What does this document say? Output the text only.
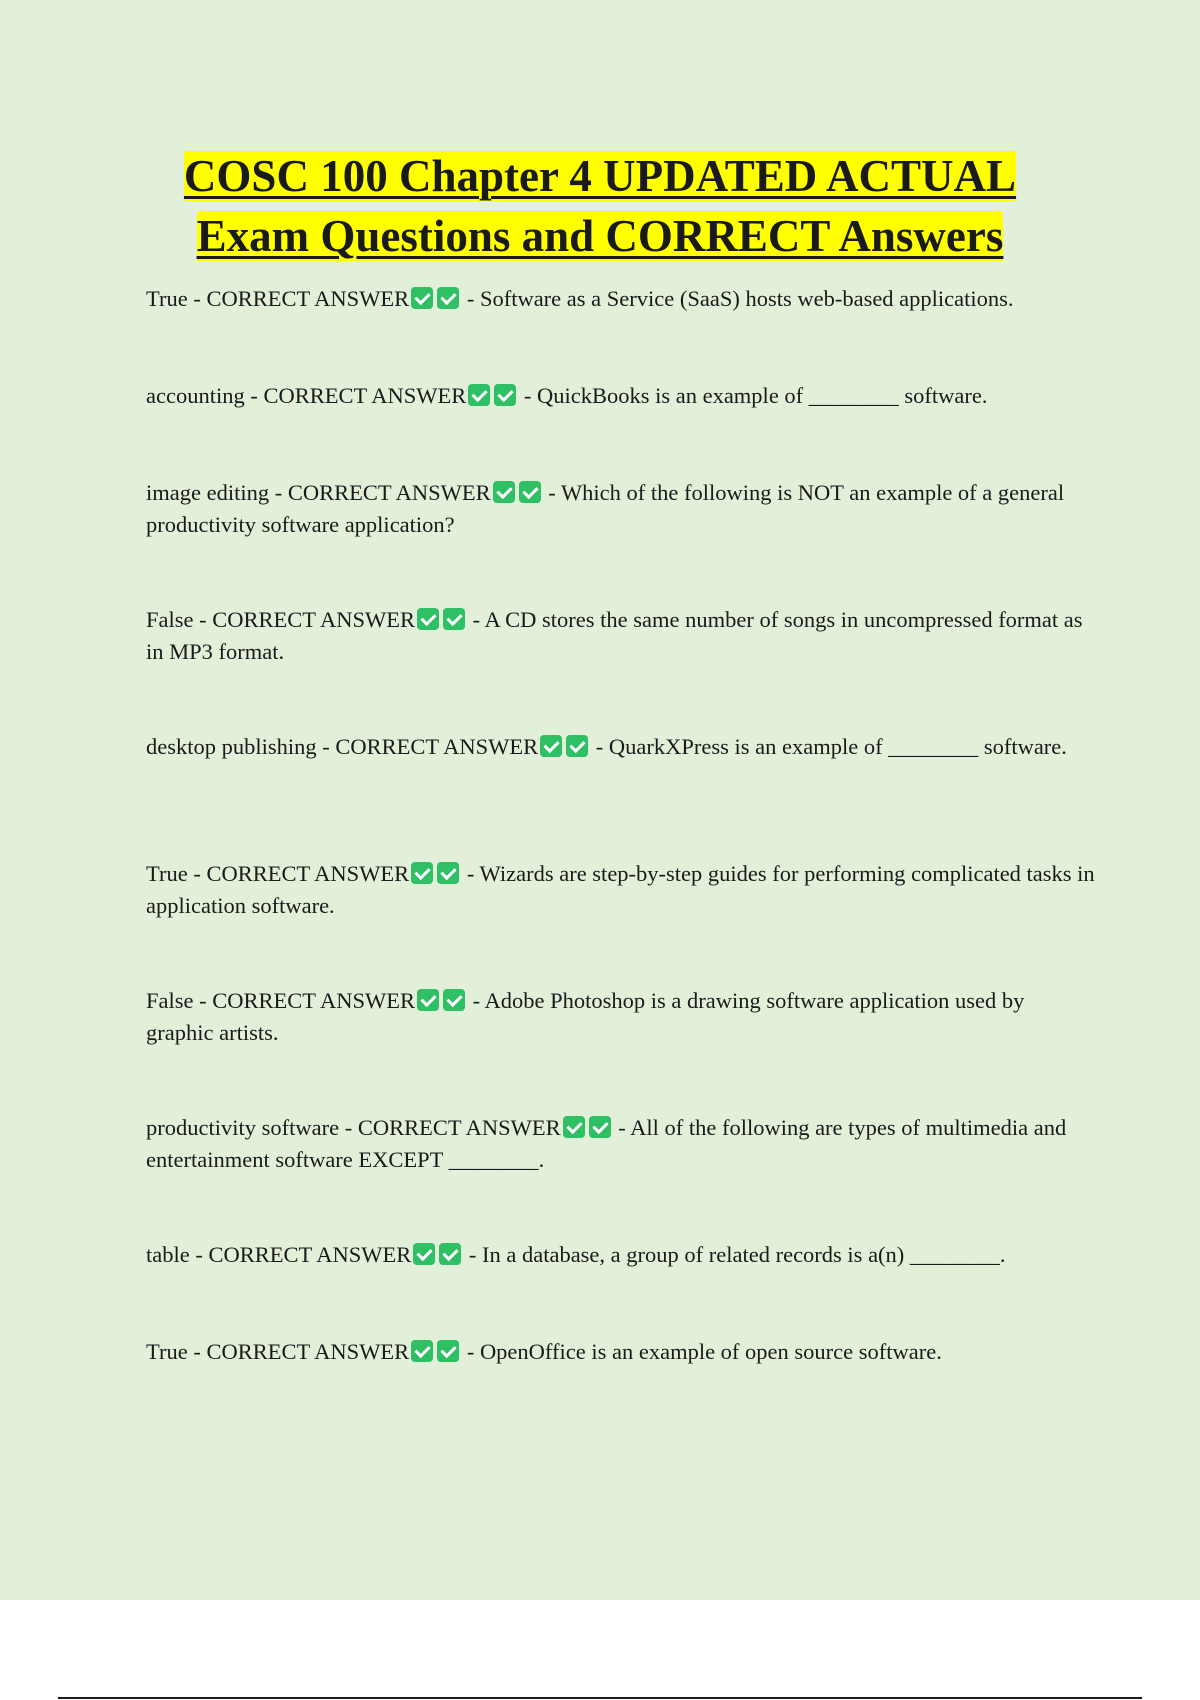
COSC 100 Chapter 4 UPDATED ACTUAL
Exam Questions and CORRECT Answers
True - CORRECT ANSWER - Software as a Service (SaaS) hosts web-based applications.
accounting - CORRECT ANSWER - QuickBooks is an example of ________ software.
image editing - CORRECT ANSWER - Which of the following is NOT an example of a general productivity software application?
False - CORRECT ANSWER - A CD stores the same number of songs in uncompressed format as in MP3 format.
desktop publishing - CORRECT ANSWER - QuarkXPress is an example of ________ software.
True - CORRECT ANSWER - Wizards are step-by-step guides for performing complicated tasks in application software.
False - CORRECT ANSWER - Adobe Photoshop is a drawing software application used by graphic artists.
productivity software - CORRECT ANSWER - All of the following are types of multimedia and entertainment software EXCEPT ________.
table - CORRECT ANSWER - In a database, a group of related records is a(n) ________.
True - CORRECT ANSWER - OpenOffice is an example of open source software.
